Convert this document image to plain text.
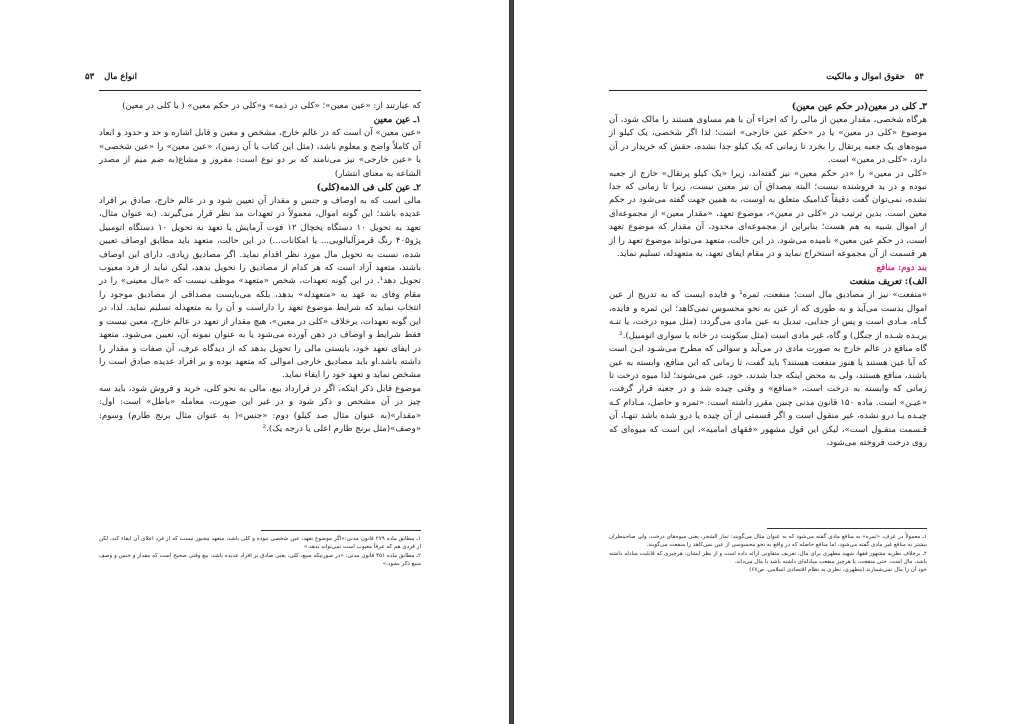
انواع مال
۵۳

که عبارتند از: «عین معین»؛ «کلی در ذمه» و«کلی در حکم معین» ( یا کلی در معین)

۱ـ عین معین

«عین معین» آن است که در عالم خارج، مشخص و معین و قابل اشاره و حد و حدود و ابعاد آن کاملاً واضح و معلوم باشد، (مثل این کتاب یا آن زمین)، «عین معین» را «عین شخصی» یا «عین خارجی» نیز می‌نامند که بر دو نوع است: مفروز و مشاع(به ضم میم از مصدر الشاعه به معنای انتشار)

۲ـ عین کلی فی الذمه(کلی)

مالی است که به اوصاف و جنس و مقدار آن تعیین شود و در عالم خارج، صادق بر افراد عدیده باشد؛ این گونه اموال، معمولاً در تعهدات مد نظر قرار می‌گیرند. (به عنوان مثال، تعهد به تحویل ۱۰ دستگاه یخچال ۱۲ فوت آزمایش یا تعهد به تحویل ۱۰ دستگاه اتومبیل پژو۴۰۵ رنگ قرمزآلبالویی... یا امکانات...) در این حالت، متعهد باید مطابق اوصاف تعیین شده، نسبت به تحویل مال مورد نظر اقدام نماید. اگر مصادیق زیادی، دارای این اوصاف باشند، متعهد آزاد است که هر کدام از مصادیق را تحویل بدهد، لیکن نباید از فرد معیوب تحویل دهد¹. در این گونه تعهدات، شخص «متعهد» موظف نیست که «مال معینی» را در مقام وفای به عهد به «متعهدله» بدهد، بلکه می‌بایست مصداقی از مصادیق موجود را انتخاب نماید که شرایط موضوع تعهد را داراست و آن را به متعهدله تسلیم نماید. لذا، در این گونه تعهدات، برخلاف «کلی در معین»، هیچ مقدار از تعهد در عالم خارج، معین نیست و فقط شرایط و اوصاف در ذهن آورده می‌شود یا به عنوان نمونه آن، تعیین می‌شود. متعهد در ایفای تعهد خود، بایستی مالی را تحویل بدهد که از دیدگاه عرف، آن صفات و مقدار را داشته باشد.او باید مصادیق خارجی اموالی که متعهد بوده و بر افراد عدیده صادق است را مشخص نماید و تعهد خود را ایفاء نماید.

موضوع قابل ذکر اینکه، اگر در قرارداد بیع، مالی به نحو کلی، خرید و فروش شود، باید سه چیز در آن مشخص و ذکر شود و در غیر این صورت، معامله «باطل» است: اول: «مقدار»(به عنوان مثال صد کیلو) دوم: «جنس»( به عنوان مثال برنج طارم) وسوم: «وصف»(مثل برنج طارم اعلی یا درجه یک).²

۱ـ مطابق ماده ۲۷۹ قانون مدنی:«اگر موضوع تعهد، عین شخصی نبوده و کلی باشد، متعهد مجبور نیست که از فرد اعلای آن ایفاء کند، لکن از فردی هم که عرفاً معیوب است نمی‌تواند بدهد.»

۲ـ مطابق ماده ۳۵۱ قانون مدنی: «در صورتیکه مبیع، کلی، یعنی صادق بر افراد عدیده باشد، بیع وقتی صحیح است که مقدار و جنس و وصف مبیع ذکر بشود.»

۵۴
حقوق اموال و مالکیت
۳ـ کلی در معین(در حکم عین معین)

هرگاه شخصی، مقدار معین از مالی را که اجزاء آن با هم مساوی هستند را مالک شود، آن موضوع «کلی در معین» یا در «حکم عین خارجی» است؛ لذا اگر شخصی، یک کیلو از میوه‌های یک جعبه پرتقال را بخرد تا زمانی که یک کیلو جدا نشده، حقش که خریدار در آن دارد، «کلی در معین» است.

«کلی در معین» را «در حکم معین» نیز گفته‌اند، زیرا «یک کیلو پرتقال» خارج از جعبه نبوده و در ید فروشنده نیست؛ البته مصداق آن نیز معین نیست، زیرا تا زمانی که جدا نشده، نمی‌توان گفت دقیقاً کدامیک متعلق به اوست، به همین جهت گفته می‌شود در حکم معین است. بدین ترتیب در «کلی در معین»، موضوع تعهد، «مقدار معین» از مجموعه‌ای از اموال شبیه به هم هست؛ بنابراین از مجموعه‌ای محدود، آن مقدار که موضوع تعهد است، در حکم عین معین» نامیده می‌شود. در این حالت، متعهد می‌تواند موضوع تعهد را از هر قسمت از آن مجموعه استخراج نماید و در مقام ایفای تعهد، به متعهدله، تسلیم نماید.

بند دوم: منافع
الف): تعریف منفعت

«منفعت» نیز از مصادیق مال است؛ منفعت، ثمره¹ و فایده ایست که به تدریج از عین اموال بدست می‌آید و به طوری که از عین به نحو محسوس نمی‌کاهد؛ این ثمره و فایده، گـاه، مـادی است و پس از جدایی، تبدیل به عین مادی می‌گردد: (مثل میوه درخت، یا تنـه بریـده شـده از جنگل) و گاه، غیر مادی است (مثل سکونت در خانه یا سواری اتومبیل).²

گاه منافع در عالم خارج به صورت مادی در می‌آید و سوالی که مطرح می‌شـود ایـن است که آیا عین هستند یا هنوز منفعت هستند؟ باید گفت، تا زمانی که این منافع، وابسته به عین باشند، منافع هستند، ولی به محض اینکه جدا شدند، خود، عین می‌شوند؛ لذا میوه درخت تا زمانی که وابسته به درخت است، «منافع» و وقتی چیده شد و در جعبه قرار گرفت، «عیـن» است. ماده ۱۵۰ قانون مدنی چنین مقرر داشته است: «ثمره و حاصل، مـادام کـه چیـده یـا درو نشده، غیر منقول است و اگر قسمتی از آن چیده یا درو شده باشد تنهـا، آن قـسمت منقـول است»، لیکن این قول مشهور «فقهای امامیه»، این است که میوه‌ای که روی درخت فروخته می‌شود،

۱ـ معمولاً در عرف، «ثمره» به منافع مادی گفته می‌شود که به عنوان مثال می‌گویند: ثمار الشجر، یعنی میوه‌های درخت، ولی صاحبنظران بیشتر به منافع غیر مادی گفته می‌شود، اما منافع حاصله که در واقع به نحو محسوسی از عین نمی‌کاهد را منفعت می‌گویند.

۲ـ برخلاف نظریه مشهور فقها، شهید مطهری برای مال، تعریف متفاوتی ارائه داده است و از نظر ایشان، هرچیزی که قابلیت مبادله داشته باشد، مال است. حتی منفعت، یا هرچیز منفعت مبادله‌ای داشته باشد یا مال می‌داند.

خود آن را مال نمی‌شمارند.(مطهری، نظری به نظام اقتصادی اسلامی، ص۶۷)
